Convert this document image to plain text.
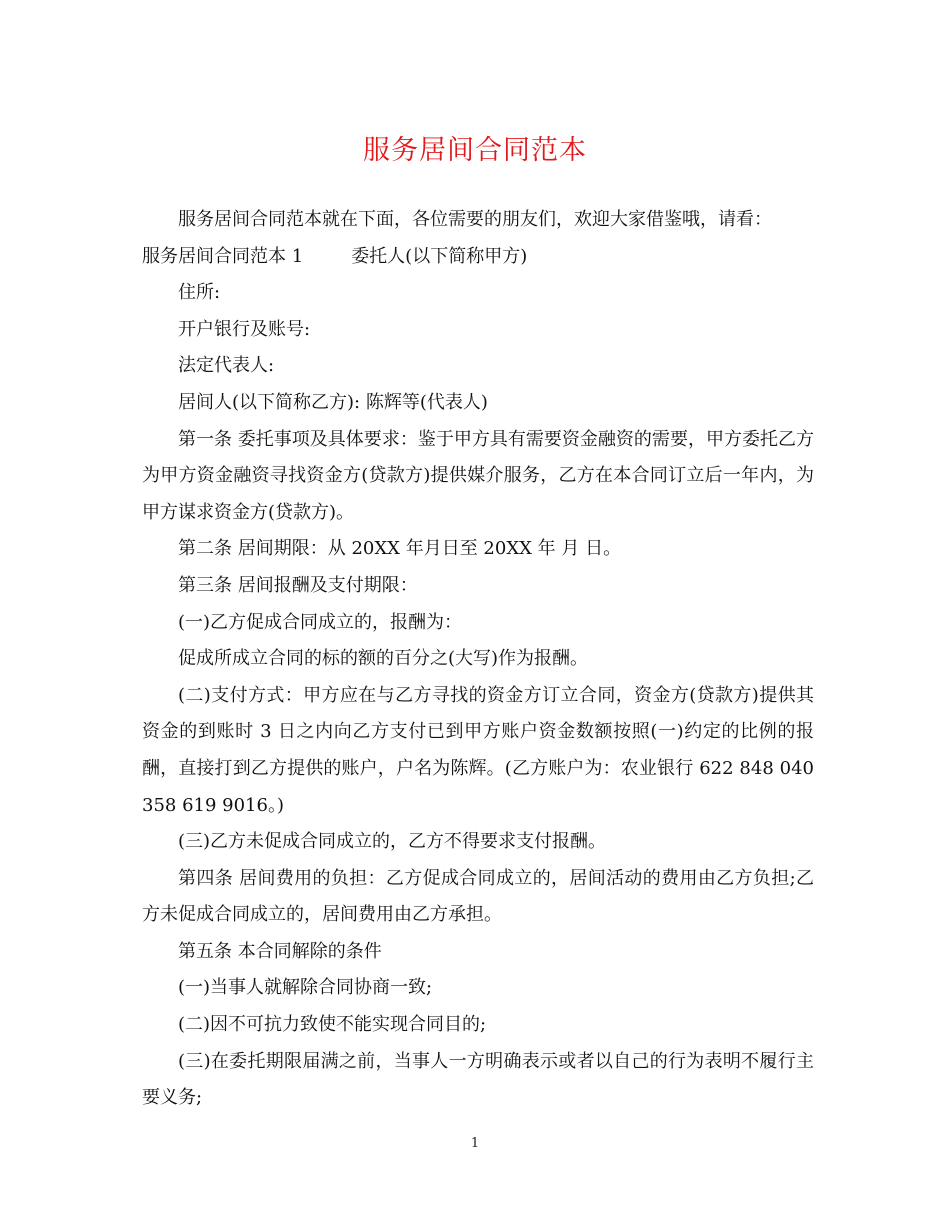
服务居间合同范本

服务居间合同范本就在下面，各位需要的朋友们，欢迎大家借鉴哦，请看：

服务居间合同范本 1	委托人(以下简称甲方)

住所:

开户银行及账号:

法定代表人:

居间人(以下简称乙方): 陈辉等(代表人)

第一条 委托事项及具体要求：鉴于甲方具有需要资金融资的需要，甲方委托乙方为甲方资金融资寻找资金方(贷款方)提供媒介服务，乙方在本合同订立后一年内，为甲方谋求资金方(贷款方)。

第二条 居间期限：从 20XX 年月日至 20XX 年 月 日。

第三条 居间报酬及支付期限：

(一)乙方促成合同成立的，报酬为：

促成所成立合同的标的额的百分之(大写)作为报酬。

(二)支付方式：甲方应在与乙方寻找的资金方订立合同，资金方(贷款方)提供其资金的到账时 3 日之内向乙方支付已到甲方账户资金数额按照(一)约定的比例的报酬，直接打到乙方提供的账户，户名为陈辉。(乙方账户为：农业银行 622 848 040 358 619 9016。)

(三)乙方未促成合同成立的，乙方不得要求支付报酬。

第四条 居间费用的负担：乙方促成合同成立的，居间活动的费用由乙方负担;乙方未促成合同成立的，居间费用由乙方承担。

第五条 本合同解除的条件

(一)当事人就解除合同协商一致;

(二)因不可抗力致使不能实现合同目的;

(三)在委托期限届满之前，当事人一方明确表示或者以自己的行为表明不履行主要义务;

1
